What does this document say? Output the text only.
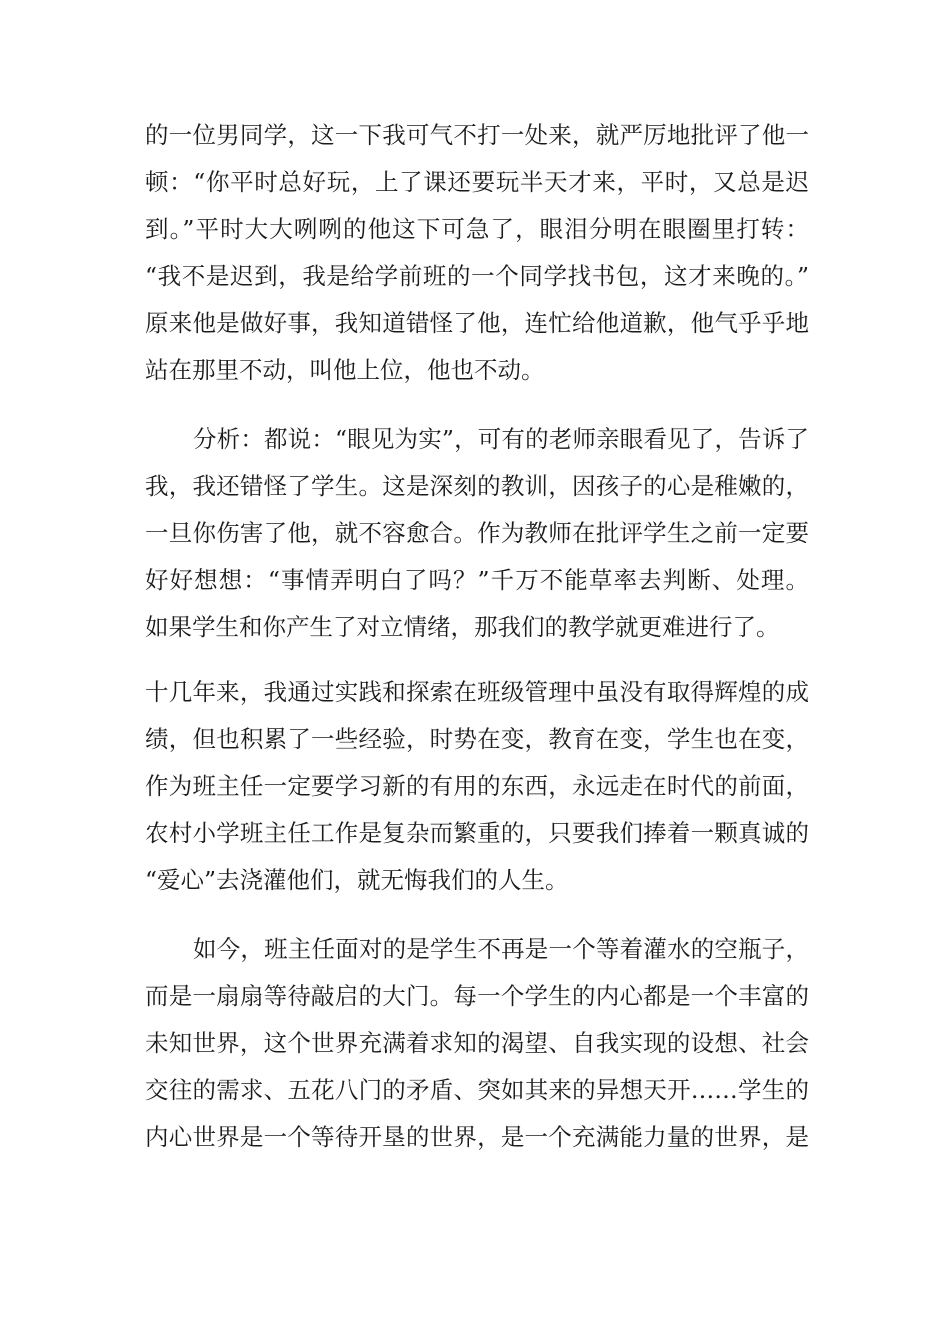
的一位男同学，这一下我可气不打一处来，就严厉地批评了他一
顿：“你平时总好玩，上了课还要玩半天才来，平时，又总是迟
到。”平时大大咧咧的他这下可急了，眼泪分明在眼圈里打转：
“我不是迟到，我是给学前班的一个同学找书包，这才来晚的。”
原来他是做好事，我知道错怪了他，连忙给他道歉，他气乎乎地
站在那里不动，叫他上位，他也不动。
分析：都说：“眼见为实”，可有的老师亲眼看见了，告诉了
我，我还错怪了学生。这是深刻的教训，因孩子的心是稚嫩的，
一旦你伤害了他，就不容愈合。作为教师在批评学生之前一定要
好好想想：“事情弄明白了吗？”千万不能草率去判断、处理。
如果学生和你产生了对立情绪，那我们的教学就更难进行了。
十几年来，我通过实践和探索在班级管理中虽没有取得辉煌的成
绩，但也积累了一些经验，时势在变，教育在变，学生也在变，
作为班主任一定要学习新的有用的东西，永远走在时代的前面，
农村小学班主任工作是复杂而繁重的，只要我们捧着一颗真诚的
“爱心”去浇灌他们，就无悔我们的人生。
如今，班主任面对的是学生不再是一个等着灌水的空瓶子，
而是一扇扇等待敲启的大门。每一个学生的内心都是一个丰富的
未知世界，这个世界充满着求知的渴望、自我实现的设想、社会
交往的需求、五花八门的矛盾、突如其来的异想天开……学生的
内心世界是一个等待开垦的世界，是一个充满能力量的世界，是
